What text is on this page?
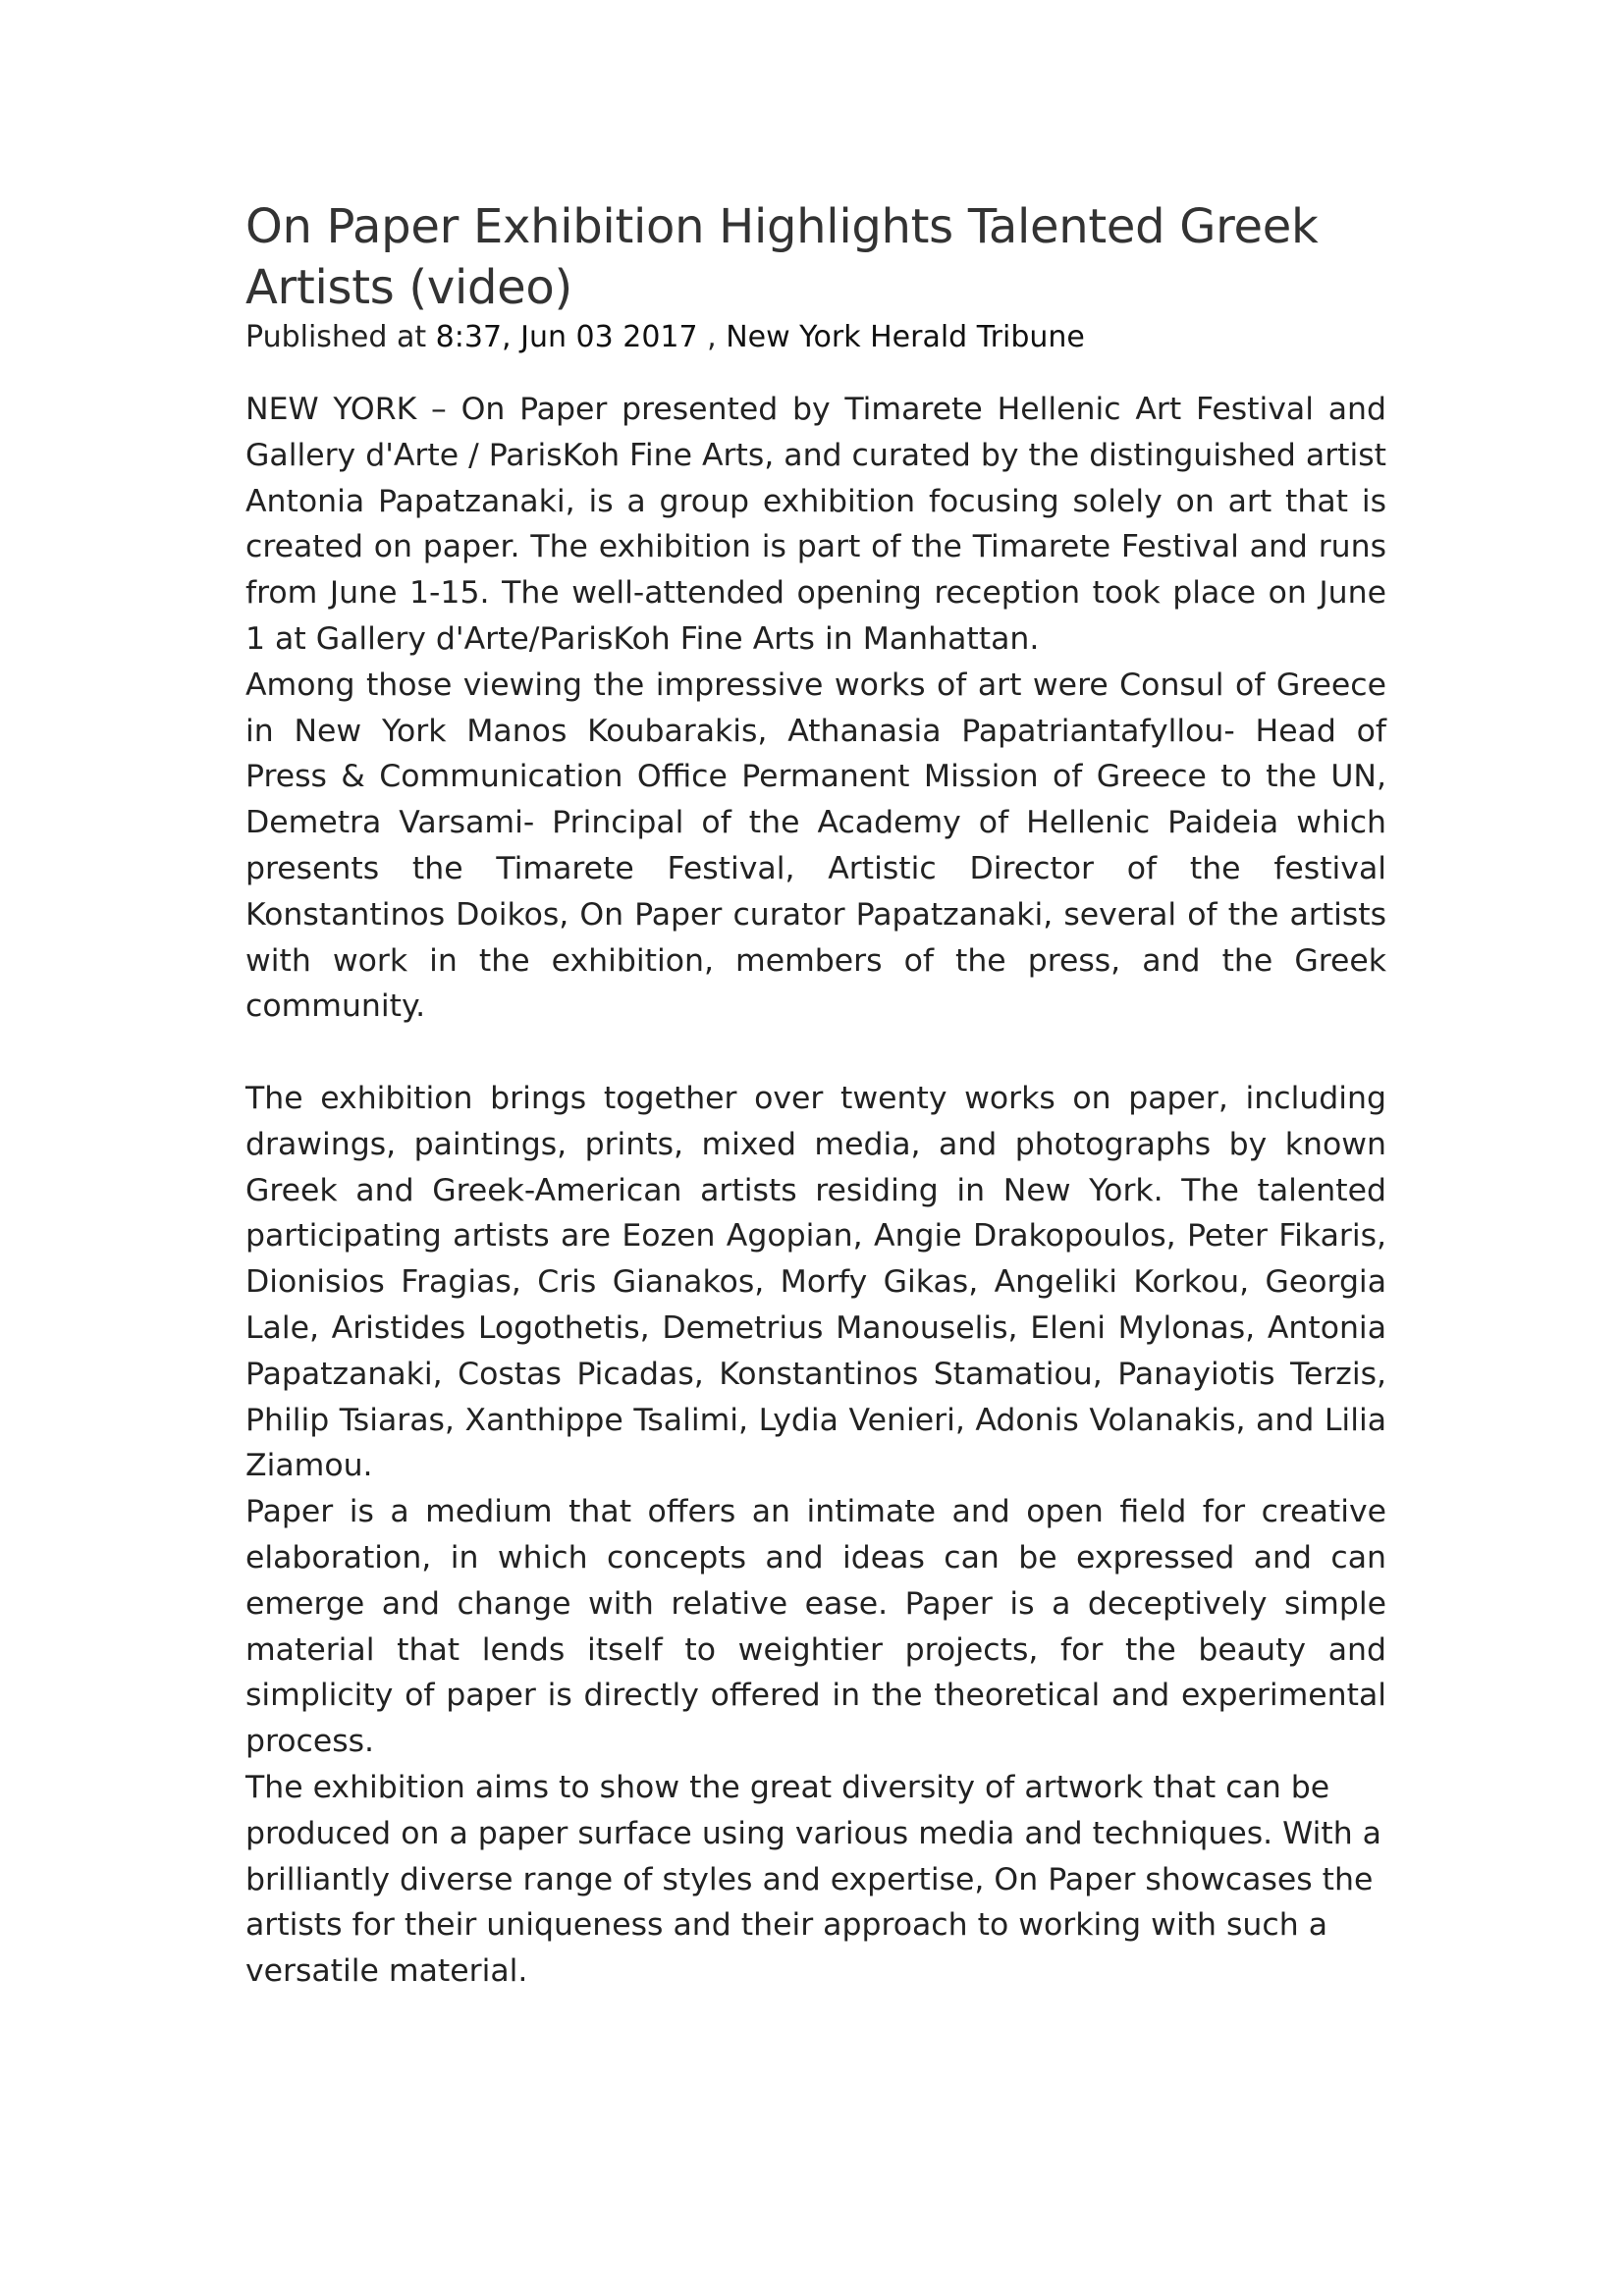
On Paper Exhibition Highlights Talented Greek Artists (video)

Published at 8:37, Jun 03 2017 , New York Herald Tribune

NEW YORK – On Paper presented by Timarete Hellenic Art Festival and Gallery d'Arte / ParisKoh Fine Arts, and curated by the distinguished artist Antonia Papatzanaki, is a group exhibition focusing solely on art that is created on paper. The exhibition is part of the Timarete Festival and runs from June 1-15. The well-attended opening reception took place on June 1 at Gallery d'Arte/ParisKoh Fine Arts in Manhattan.

Among those viewing the impressive works of art were Consul of Greece in New York Manos Koubarakis, Athanasia Papatriantafyllou- Head of Press & Communication Office Permanent Mission of Greece to the UN, Demetra Varsami- Principal of the Academy of Hellenic Paideia which presents the Timarete Festival, Artistic Director of the festival Konstantinos Doikos, On Paper curator Papatzanaki, several of the artists with work in the exhibition, members of the press, and the Greek community.

The exhibition brings together over twenty works on paper, including drawings, paintings, prints, mixed media, and photographs by known Greek and Greek-American artists residing in New York. The talented participating artists are Eozen Agopian, Angie Drakopoulos, Peter Fikaris, Dionisios Fragias, Cris Gianakos, Morfy Gikas, Angeliki Korkou, Georgia Lale, Aristides Logothetis, Demetrius Manouselis, Eleni Mylonas, Antonia Papatzanaki, Costas Picadas, Konstantinos Stamatiou, Panayiotis Terzis, Philip Tsiaras, Xanthippe Tsalimi, Lydia Venieri, Adonis Volanakis, and Lilia Ziamou.

Paper is a medium that offers an intimate and open field for creative elaboration, in which concepts and ideas can be expressed and can emerge and change with relative ease. Paper is a deceptively simple material that lends itself to weightier projects, for the beauty and simplicity of paper is directly offered in the theoretical and experimental process.

The exhibition aims to show the great diversity of artwork that can be produced on a paper surface using various media and techniques. With a brilliantly diverse range of styles and expertise, On Paper showcases the artists for their uniqueness and their approach to working with such a versatile material.
